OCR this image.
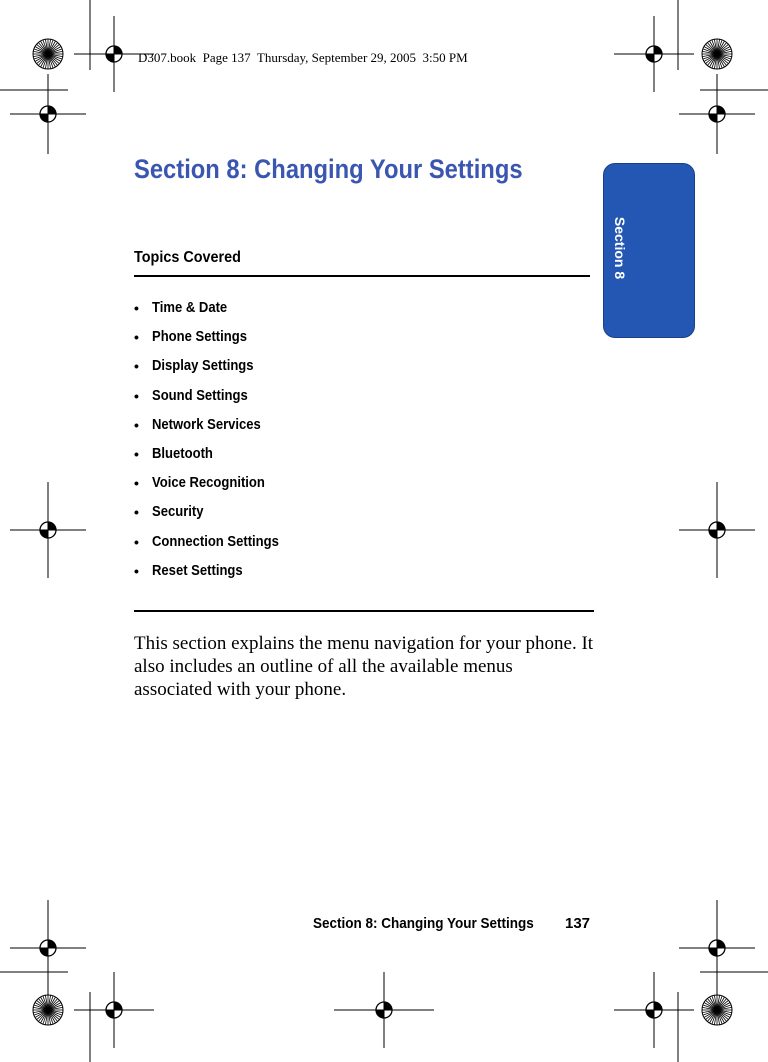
D307.book  Page 137  Thursday, September 29, 2005  3:50 PM
Section 8: Changing Your Settings
Section 8
Topics Covered
• Time & Date
• Phone Settings
• Display Settings
• Sound Settings
• Network Services
• Bluetooth
• Voice Recognition
• Security
• Connection Settings
• Reset Settings

This section explains the menu navigation for your phone. It also includes an outline of all the available menus associated with your phone.

Section 8: Changing Your Settings 137
